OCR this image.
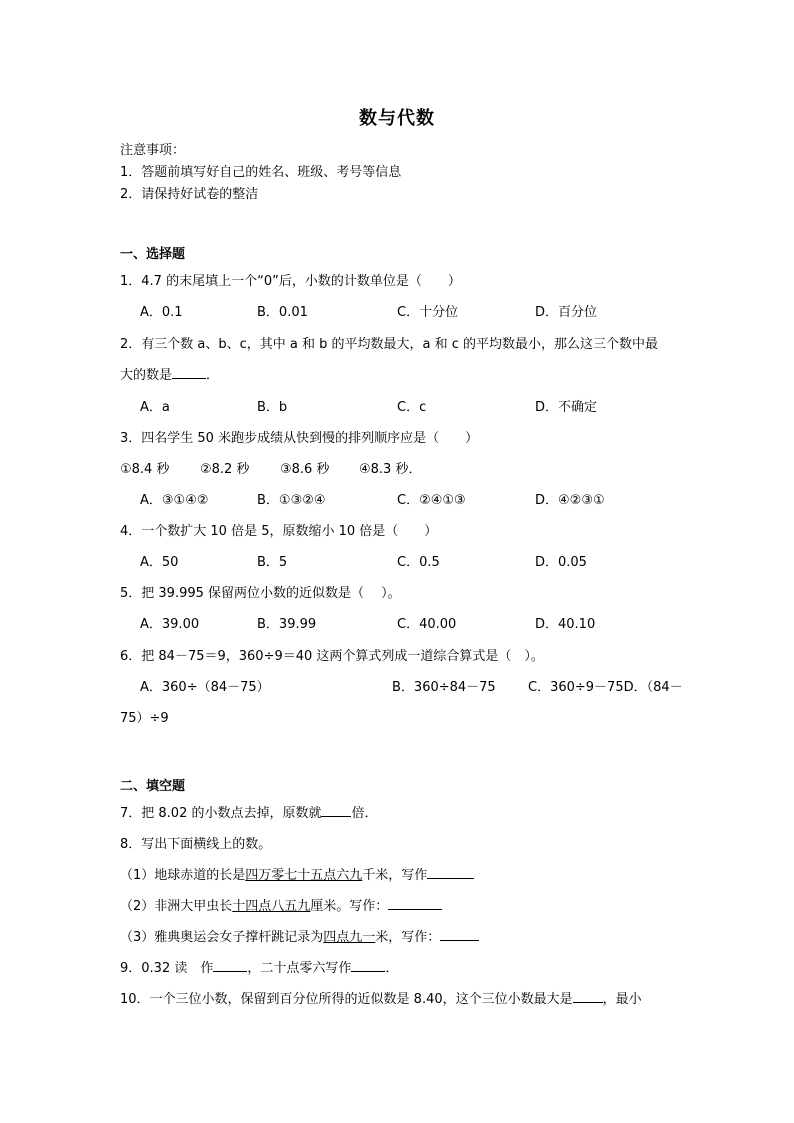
数与代数
注意事项：
1．答题前填写好自己的姓名、班级、考号等信息
2．请保持好试卷的整洁
一、选择题
1．4.7 的末尾填上一个“0”后，小数的计数单位是（　　）
A．0.1	B．0.01	C．十分位	D．百分位
2．有三个数 a、b、c，其中 a 和 b 的平均数最大，a 和 c 的平均数最小，那么这三个数中最
大的数是	．
A．a	B．b	C．c	D．不确定
3．四名学生 50 米跑步成绩从快到慢的排列顺序应是（　　）
①8.4 秒 ②8.2 秒 ③8.6 秒 ④8.3 秒．
A．③①④②	B．①③②④	C．②④①③	D．④②③①
4．一个数扩大 10 倍是 5，原数缩小 10 倍是（　　）
A．50	B．5	C．0.5	D．0.05
5．把 39.995 保留两位小数的近似数是（　 ）。
A．39.00	B．39.99	C．40.00	D．40.10
6．把 84－75＝9，360÷9＝40 这两个算式列成一道综合算式是（　）。
A．360÷（84－75）	B．360÷84－75 C．360÷9－75D．（84－
75）÷9
二、填空题
7．把 8.02 的小数点去掉，原数就 倍．
8．写出下面横线上的数。
（1）地球赤道的长是四万零七十五点六九千米，写作
（2）非洲大甲虫长十四点八五九厘米。写作：
（3）雅典奥运会女子撑杆跳记录为四点九一米，写作：
9．0.32 读　作	，二十点零六写作	．
10．一个三位小数，保留到百分位所得的近似数是 8.40，这个三位小数最大是 ，最小
